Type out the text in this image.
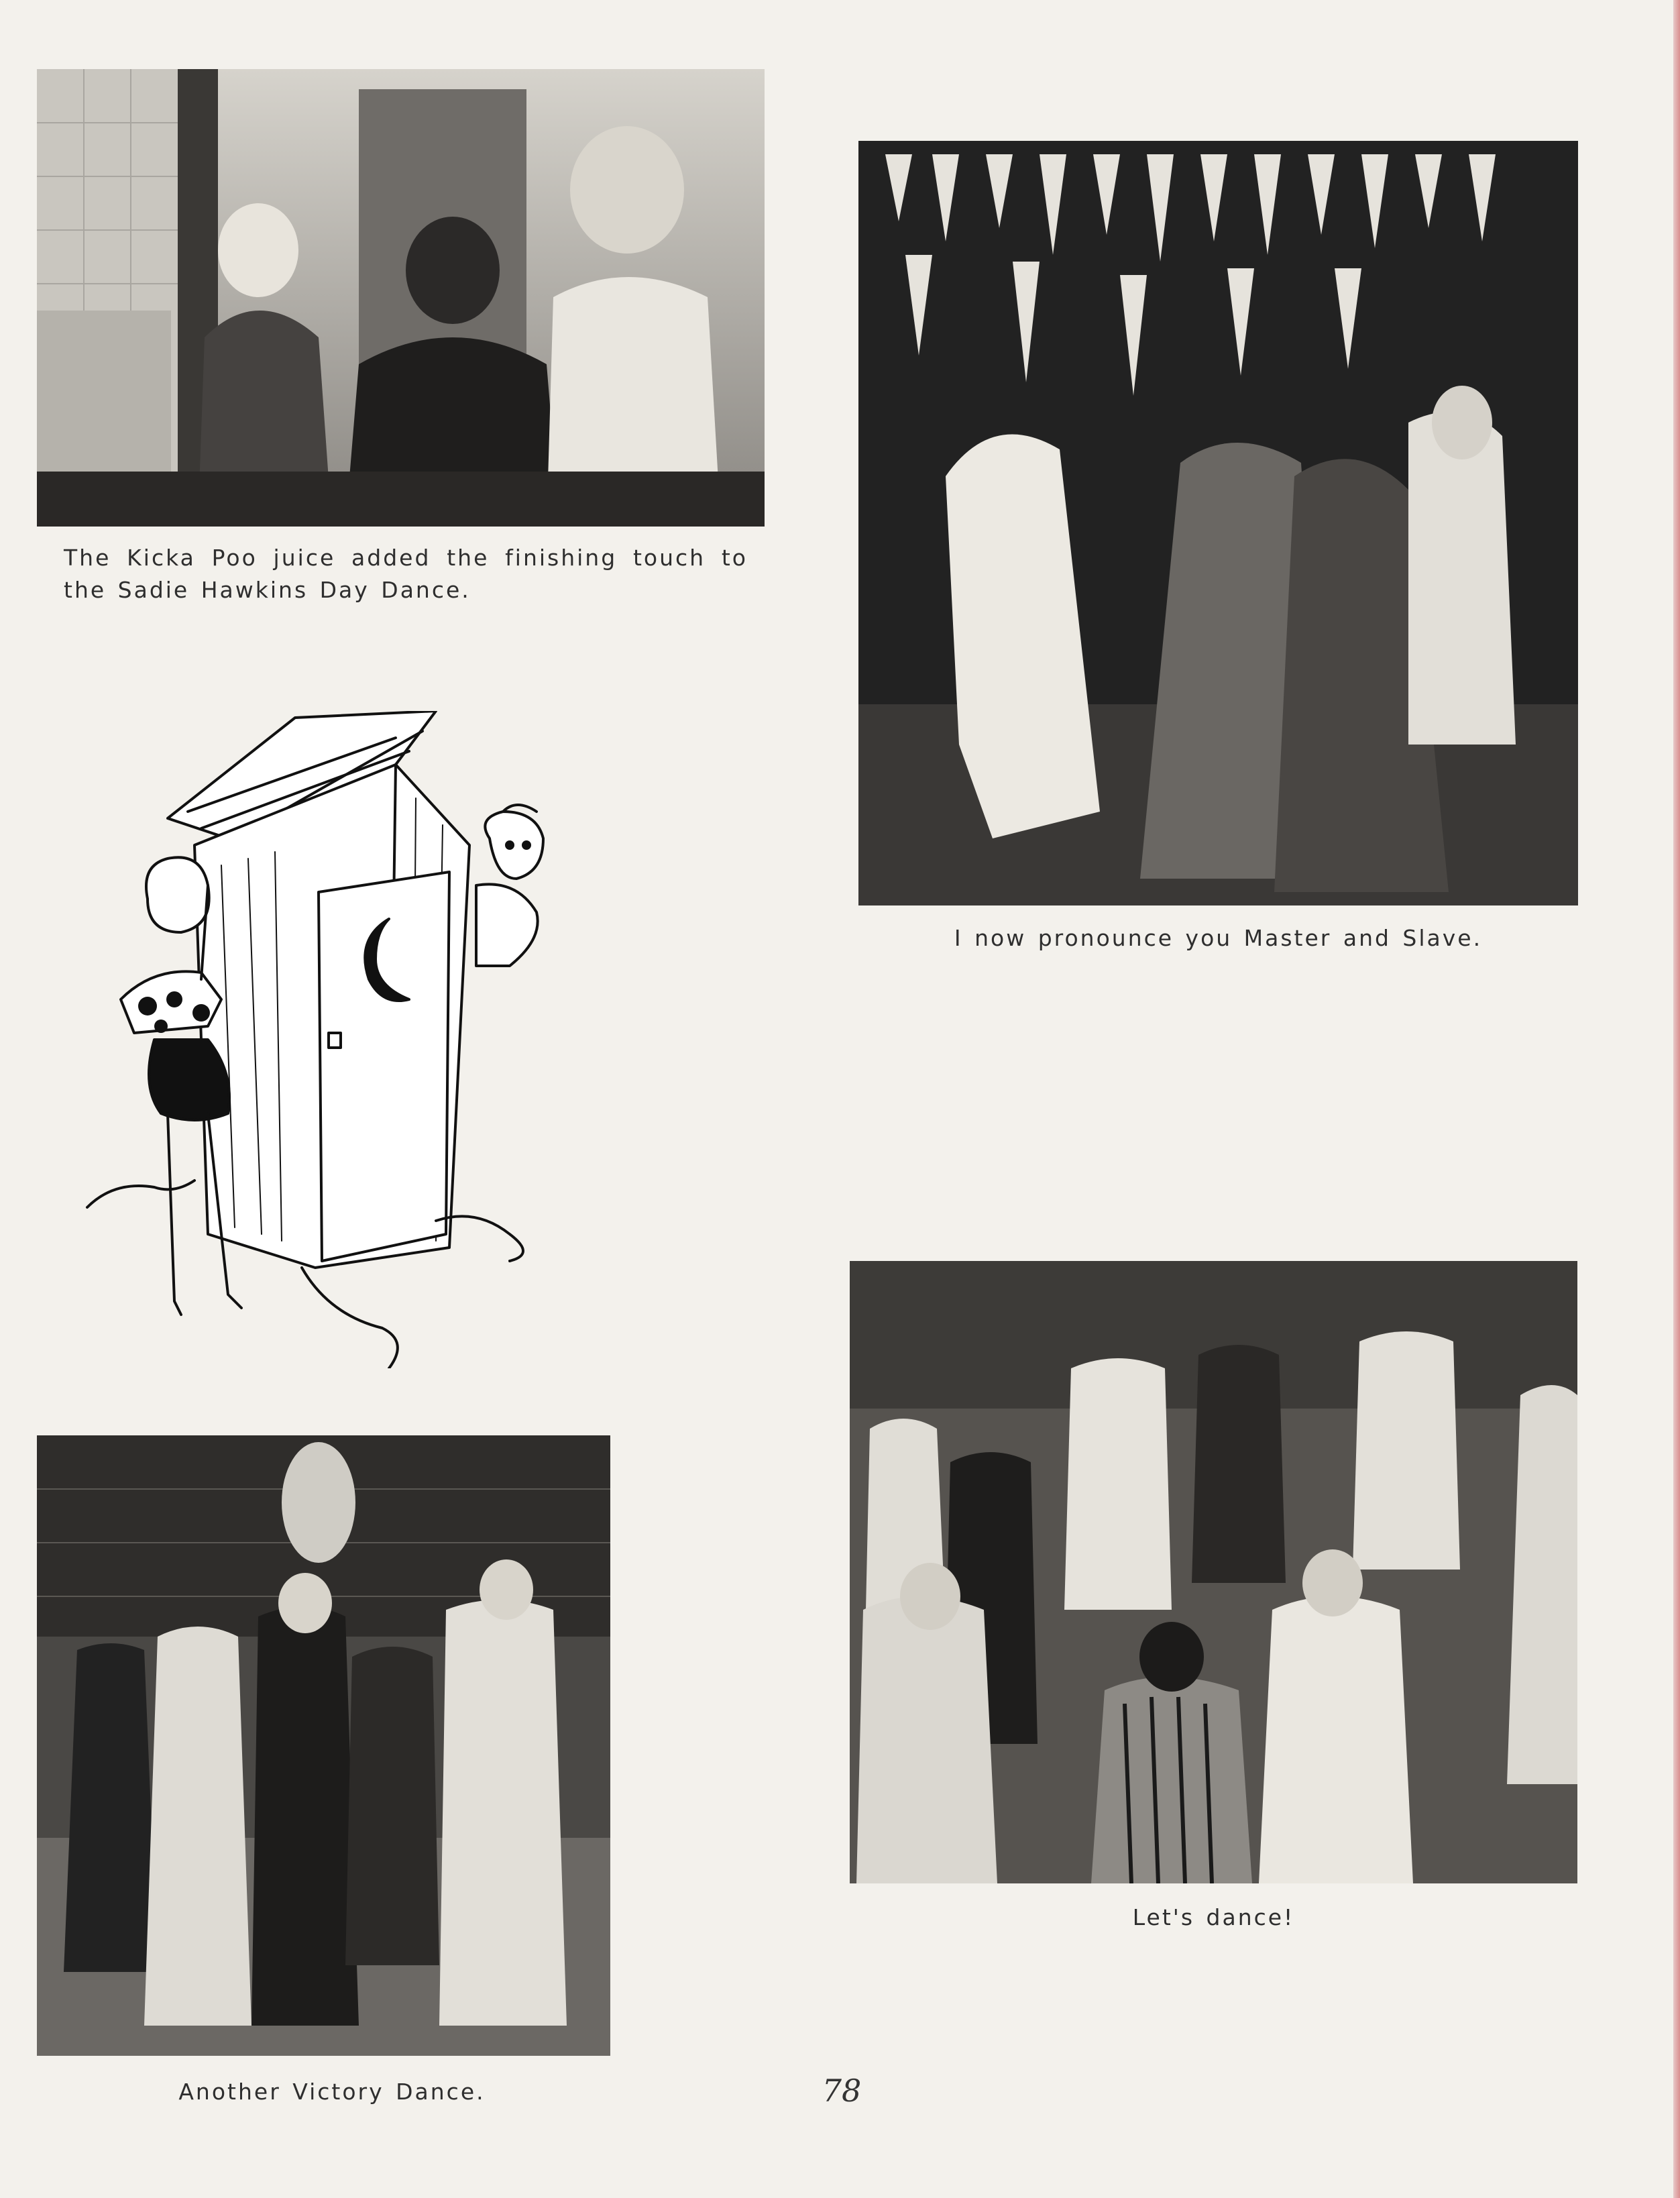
The Kicka Poo juice added the finishing touch to the Sadie Hawkins Day Dance.
I now pronounce you Master and Slave.
Another Victory Dance.
Let's dance!
78
